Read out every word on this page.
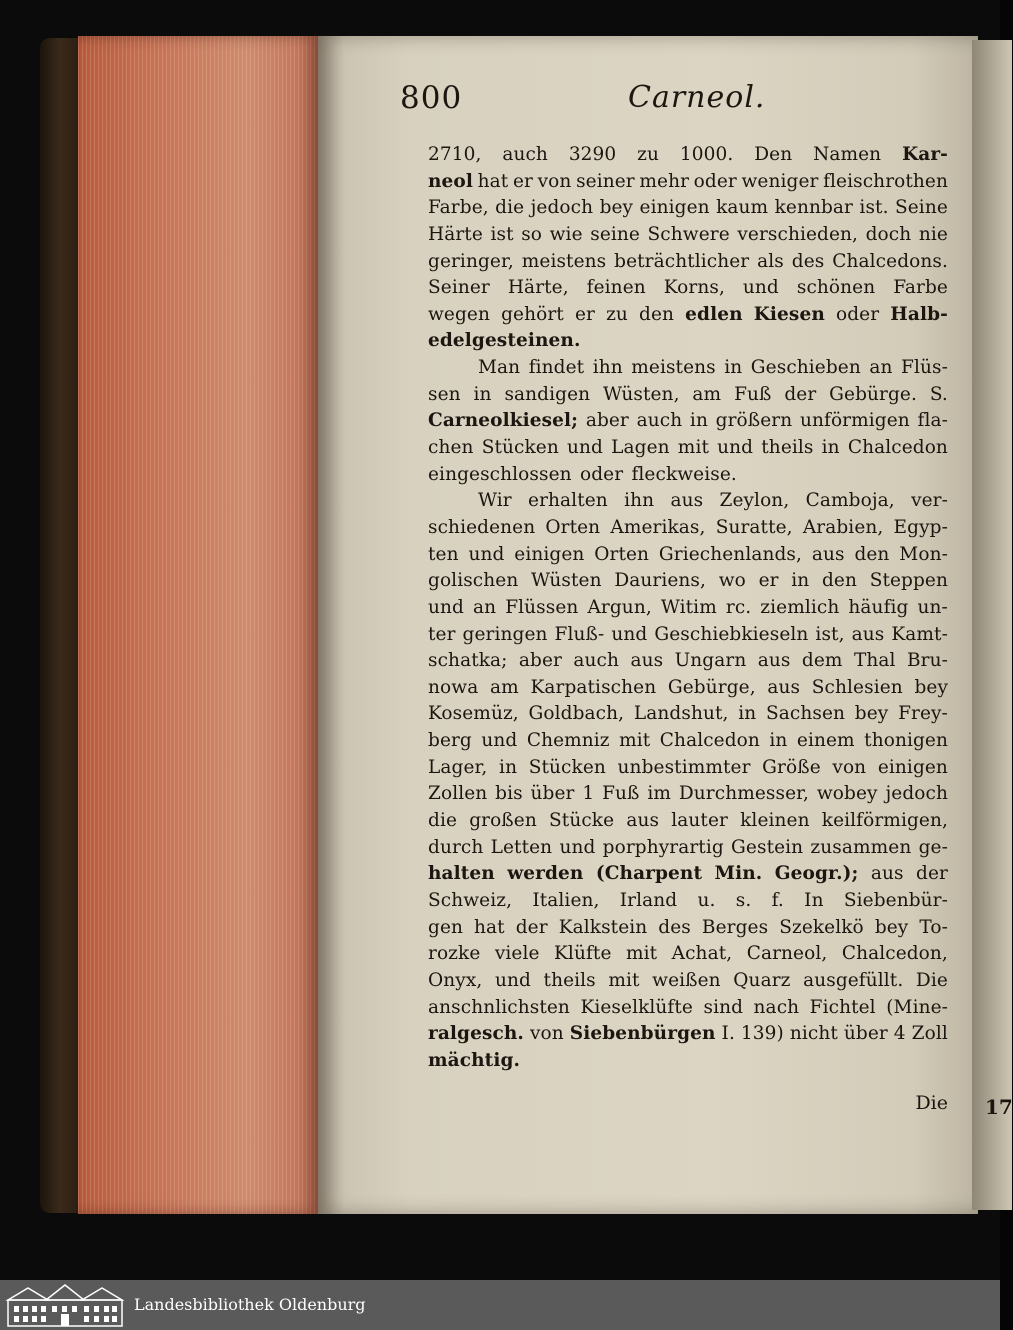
17
800	Carneol.
2710, auch 3290 zu 1000. Den Namen Kar-
neol hat er von seiner mehr oder weniger fleischrothen
Farbe, die jedoch bey einigen kaum kennbar ist. Seine
Härte ist so wie seine Schwere verschieden, doch nie
geringer, meistens beträchtlicher als des Chalcedons.
Seiner Härte, feinen Korns, und schönen Farbe
wegen gehört er zu den edlen Kiesen oder Halb-
edelgesteinen.
Man findet ihn meistens in Geschieben an Flüs-
sen in sandigen Wüsten, am Fuß der Gebürge. S.
Carneolkiesel; aber auch in größern unförmigen fla-
chen Stücken und Lagen mit und theils in Chalcedon
eingeschlossen oder fleckweise.
Wir erhalten ihn aus Zeylon, Camboja, ver-
schiedenen Orten Amerikas, Suratte, Arabien, Egyp-
ten und einigen Orten Griechenlands, aus den Mon-
golischen Wüsten Dauriens, wo er in den Steppen
und an Flüssen Argun, Witim rc. ziemlich häufig un-
ter geringen Fluß- und Geschiebkieseln ist, aus Kamt-
schatka; aber auch aus Ungarn aus dem Thal Bru-
nowa am Karpatischen Gebürge, aus Schlesien bey
Kosemüz, Goldbach, Landshut, in Sachsen bey Frey-
berg und Chemniz mit Chalcedon in einem thonigen
Lager, in Stücken unbestimmter Größe von einigen
Zollen bis über 1 Fuß im Durchmesser, wobey jedoch
die großen Stücke aus lauter kleinen keilförmigen,
durch Letten und porphyrartig Gestein zusammen ge-
halten werden (Charpent Min. Geogr.); aus der
Schweiz, Italien, Irland u. s. f. In Siebenbür-
gen hat der Kalkstein des Berges Szekelkö bey To-
rozke viele Klüfte mit Achat, Carneol, Chalcedon,
Onyx, und theils mit weißen Quarz ausgefüllt. Die
anschnlichsten Kieselklüfte sind nach Fichtel (Mine-
ralgesch. von Siebenbürgen I. 139) nicht über 4 Zoll
mächtig.
Die
Landesbibliothek Oldenburg
